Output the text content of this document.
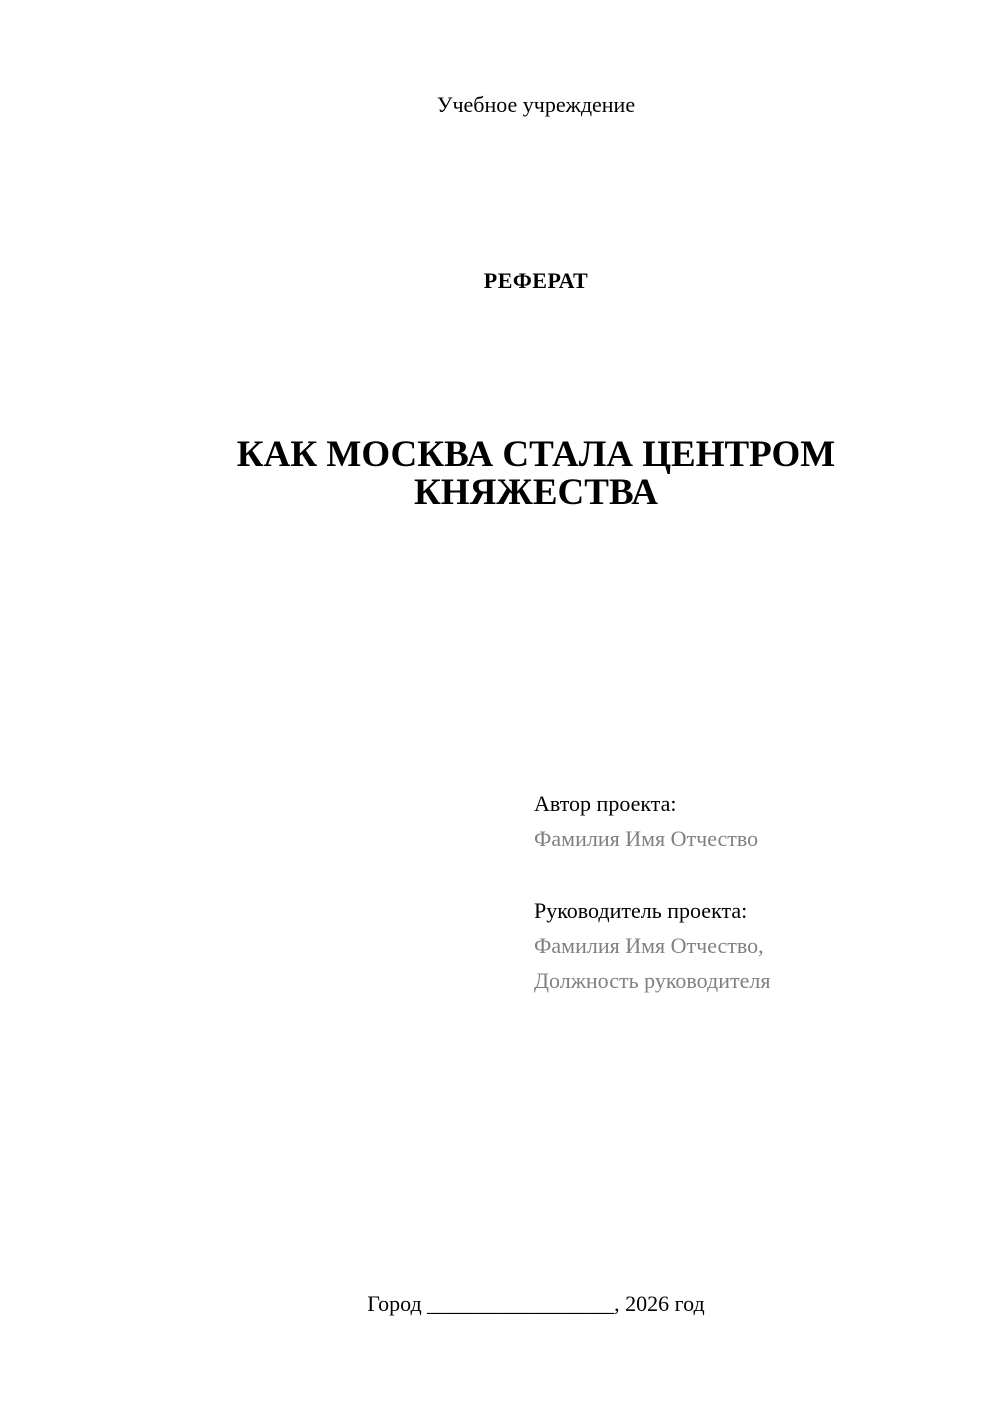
Учебное учреждение
РЕФЕРАТ
КАК МОСКВА СТАЛА ЦЕНТРОМ
КНЯЖЕСТВА
Автор проекта:
Фамилия Имя Отчество
Руководитель проекта:
Фамилия Имя Отчество,
Должность руководителя
Город _________________, 2026 год
